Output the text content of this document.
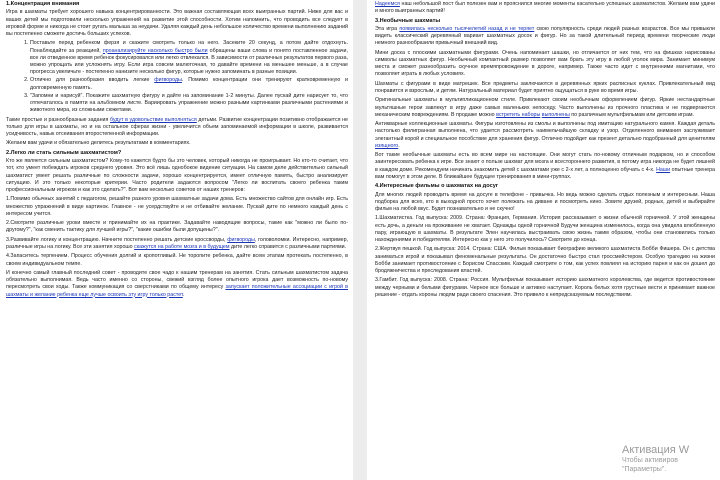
1.Концентрация внимания

Игра в шахматы требует хорошего навыка концентрированности. Это важная составляющая всех выигранных партий. Ниже для вас и ваших детей мы подготовили несколько упражнений на развитие этой способности. Хотим напомнить, что проводить все следует в игровой форме и никогда не стоит ругать малыша за неудачи. Удаляя каждый день небольшое количество времени выполнению заданий вы постепенно сможете достичь больших успехов.

1. Поставьте перед ребенком ферзя и скажите смотреть только на него. Засеките 20 секунд, а потом дайте отдохнуть. Понаблюдайте за реакцией, проанализируйте насколько быстро были обращены ваши слова и понято поставленное задачи, все ли отведенное время ребенок фокусировался или легко отвлекался. В зависимости от различных результатов первого раза, можно упрощать или усложнять игру. Если игра совсем малюточная, то давайте времени на меньшее меньше, а в случае прогресса увеличьте - постепенно нанизите несколько фигур, которые нужно запоминать в разные позиции.
2. Отлично для разнообразия вводить легкие фигвороды. Помимо концентрации они тренируют кратковременную и долговременную память.
3. "Запомни и нарисуй". Покажите шахматную фигуру и дайте на запоминание 1-2 минуты. Далее пускай дите нарисует то, что отпечаталось в памяти на альбомном листе. Вариировать упражнение можно разными картинками различными растениями и животного мира, из сложными сюжетами.

Такие простые и разнообразные задания будут в удовольствие выполняться детьми. Развитие концентрации позитивно отображается не только для игры в шахматы, но и на остальное сферах жизни - увеличится объем запоминаемой информации в школе, развивается усидчивость, навык отсеивания второстепенной информации.

Желаем вам удачи и обязательно делитесь результатами в комментариях.

2.Легко ли стать сильным шахматистом?

Кто же является сильным шахматистом? Кому-то кажется будто бы это человек, который никогда не проигрывает. Но кто-то считает, что тот, кто умеет побеждать игроков среднего уровня. Это всё лишь однобокое видение ситуации. На самом деле действительно сильный шахматист умеет решать различные по сложности задачи, хорошо концентрируется, имеет отличную память, быстро анализирует ситуацию. И это только некоторые критерии. Часто родители задаются вопросом "Легко ли воспитать своего ребенка таким профессиональным игроком и как это сделать?". Вот вам несколько советов от наших тренеров:

1.Помимо обычных занятий с педагогом, решайте разного уровня шахматные задачи дома. Есть множество сайтов для онлайн игр. Есть множество упражнений в виде картинок. Главное - не усердствуйте и не отбивайте желание. Пускай дите по немного каждый день с интересом учится.

2.Смотрите различные уроки вместе и принимайте их на практике. Задавайте наводящие вопросы, такие как "можно ли было по-другому?", "как сменить тактику для лучшей игры?", "какие ошибки были допущены?".

3.Развивайте логику и концентрацию. Начните постепенно решать детские кроссворды, фигвороды, головоломки. Интересно, например, различные игры на логику. Все эти занятия хорошо скажутся на работе мозга и в будущем дите легко справится с различными партиями.

4.Запаситесь терпением. Процесс обучения долгий и кропотливый. Не торопите ребенка, дайте всем этапам протекать постепенно, в своем индивидуальном темпе.

И конечно самый главный последний совет - проводите свое чадо к нашим тренерам на занятия. Стать сильным шахматистом задача обязательно выполнимая. Ведь часто именно со стороны, свежий взгляд более опытного игрока дает возможность по-новому пересмотреть свои ходы. Также коммуникация со сверстниками по общему интересу запускает положительные ассоциации с игрой в шахматы и желание ребенка еще лучше освоить эту игру только растет.

Надеемся наш небольшой пост был полезен вам и прояснился многие моменты касательно успешных шахматистов. Желаем вам удачи и много выигранных партий!

3.Необычные шахматы

Эта игра появилась несколько тысячелетий назад и не теряет свою популярность среди людей разных возрастов. Все мы привыкли видеть классический деревянный вариант шахматных досок и фигур. Но за такой длительный период времени творческие люди немного разнообразили привычный внешний вид.

Мини доска с плоскими шахматными фигурами. Очень напоминает шашки, но отличается от них тем, что на фишках нарисованы символы шахматных фигур. Необычный компактный размер позволяет вам брать эту игру в любой уголок мира. Занимает минимум места и сможет разнообразить скучное времяпровождение в дороге, например. Также часто идет с внутренними магнитами, что позволяет играть в любых условиях.

Шахматы с фигурами в виде матрешек. Все предметы заключаются в деревянных ярких расписных куклах. Привлекательный вид понравится и взрослым, и детям. Натуральный материал будет приятно ощущаться в руке во время игры.

Оригинальные шахматы в мультипликационном стиле. Привлекают своим необычным оформлением фигур. Яркие нестандартные мультяшные герои завлекут в игру даже самых маленьких непоседу. Часто выполнены из прочного пластика и не подвергаются механическим повреждениям. В продаже можно встретить наборы выполнены по различным мультфильмам или детским играм.

Антикварные коллекционные шахматы. Фигуры изготовлены из смолы и выполнены под имитацию натурального камня. Каждая деталь настолько филигранная выполнена, что удается рассмотреть наимельчайшую складку и узор. Отделенного внимания заслуживает элегантный корой и специальное пособствие для хранения фигур. Отлично подойдет как презент детально подобранный для ценителям изящного.

Вот такие необычные шахматы есть во всем мире на настоящие. Они могут стать по-новому отличным подарком, но и способом заинтересовать ребенка к игре. Все знают о пользе шахмат для мозга и всестороннего развития, в потому игра никогда не будет лишней в каждом доме. Рекомендуем начинать знакомить детей с шахматами уже с 2-х лет, а полноценно обучать с 4-х. Наши опытные тренера вам помогут в этом деле. В ближайшее будущее тренирования в мини-группах.

4.Интересные фильмы о шахматах на досуг

Для многих людей проводить время на досуге в телефоне - привычка. Но ведь можно сделать отдых полезным и интересным. Наша подборка для всех, кто в выходной просто хочет полежать на диване и посмотреть кино. Зовите друзей, родных, детей и выбирайте фильм на любой вкус. Будет познавательно и не скучно!

1.Шахматистка. Год выпуска: 2009. Страна: Франция, Германия. История рассказывает о жизни обычной горничной. У этой женщины есть дочь, а деньги на проживание не хватает. Однажды одной горничной Будучи женщина изменилось, когда она увидела влюбленную пару, играющую в шахматы. В результате Элен научилась выстраивать свою жизнь таким образом, чтобы они становились только нахождениями и победителям. Интересно как у него это получилось? Смотрите до конца.

2.Жертвуя пешкой. Год выпуска: 2014. Страна: США. Фильм показывает биографию великого шахматиста Бобби Фишера. Он с детства заниматься игрой и показывал феноменальные результаты. Он достаточно быстро стал гроссмейстером. Особую трагедию на жизни Бобби занимает противостояние с Борисом Спасским. Каждый смотрите о том, как успех повлиял на историю парня и как он дошел до бродяжничества и преследования властей.

3.Гамбит. Год выпуска: 2008. Страна: Россия. Мультфильм показывает историю шахматного королевства, где ведется противостояние между черными и белыми фигурами. Черное все больше и активно наступает. Король белых хотя грустные вести и принимает важное решение - отдать короны людям ради своего спасения. Это привело к непредсказуемым последствиям.

Активация W
Чтобы активиров
"Параметры".
